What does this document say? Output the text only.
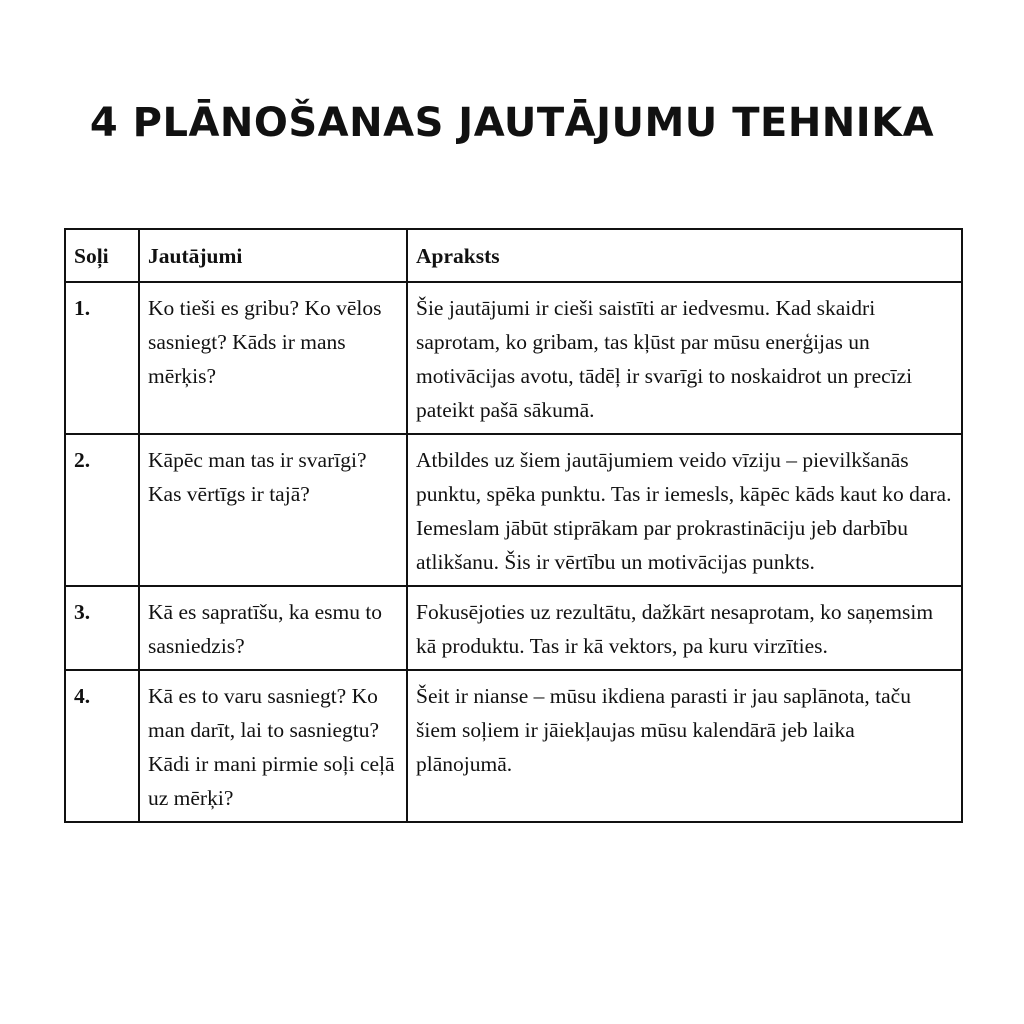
4 PLĀNOŠANAS JAUTĀJUMU TEHNIKA
Soļi	Jautājumi	Apraksts
1.	Ko tieši es gribu? Ko vēlos sasniegt? Kāds ir mans mērķis?	Šie jautājumi ir cieši saistīti ar iedvesmu. Kad skaidri saprotam, ko gribam, tas kļūst par mūsu enerģijas un motivācijas avotu, tādēļ ir svarīgi to noskaidrot un precīzi pateikt pašā sākumā.
2.	Kāpēc man tas ir svarīgi? Kas vērtīgs ir tajā?	Atbildes uz šiem jautājumiem veido vīziju – pievilkšanās punktu, spēka punktu. Tas ir iemesls, kāpēc kāds kaut ko dara. Iemeslam jābūt stiprākam par prokrastināciju jeb darbību atlikšanu. Šis ir vērtību un motivācijas punkts.
3.	Kā es sapratīšu, ka esmu to sasniedzis?	Fokusējoties uz rezultātu, dažkārt nesaprotam, ko saņemsim kā produktu. Tas ir kā vektors, pa kuru virzīties.
4.	Kā es to varu sasniegt? Ko man darīt, lai to sasniegtu? Kādi ir mani pirmie soļi ceļā uz mērķi?	Šeit ir nianse – mūsu ikdiena parasti ir jau saplānota, taču šiem soļiem ir jāiekļaujas mūsu kalendārā jeb laika plānojumā.
